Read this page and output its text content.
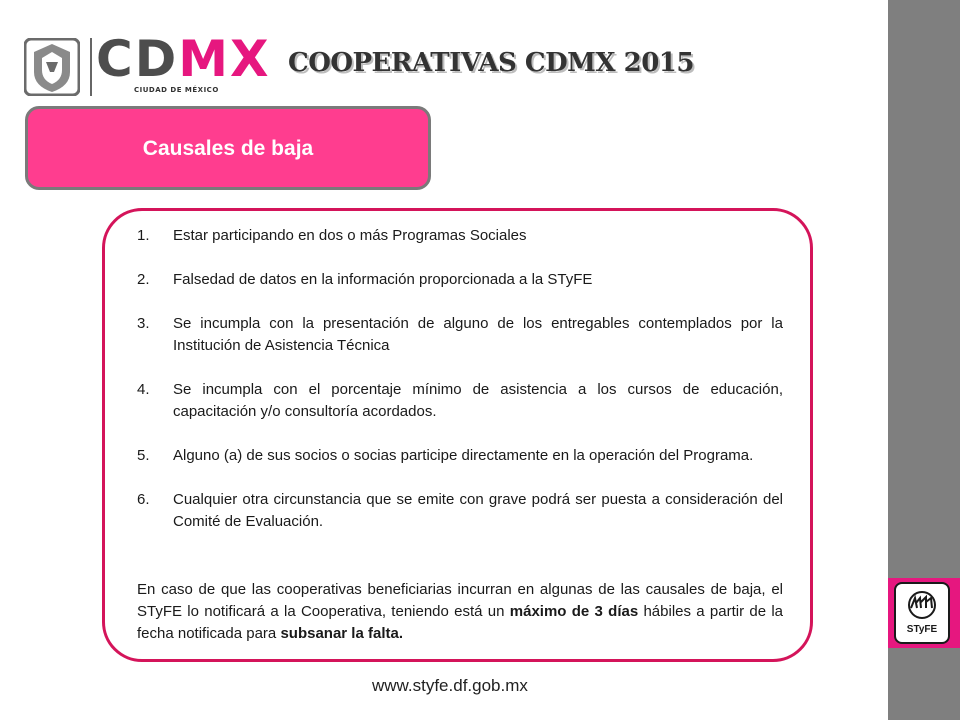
STyFE
CDMX
CIUDAD DE MÉXICO
COOPERATIVAS CDMX 2015
Causales de baja
1. Estar participando en dos o más Programas Sociales
2. Falsedad de datos en la información proporcionada a la STyFE
3. Se incumpla con la presentación de alguno de los entregables contemplados por la Institución de Asistencia Técnica
4. Se incumpla con el porcentaje mínimo de asistencia a los cursos de educación, capacitación y/o consultoría acordados.
5. Alguno (a) de sus socios o socias participe directamente en la operación del Programa.
6. Cualquier otra circunstancia que se emite con grave podrá ser puesta a consideración del Comité de Evaluación.
En caso de que las cooperativas beneficiarias incurran en algunas de las causales de baja, el STyFE lo notificará a la Cooperativa, teniendo está un máximo de 3 días hábiles a partir de la fecha notificada para subsanar la falta.
www.styfe.df.gob.mx
